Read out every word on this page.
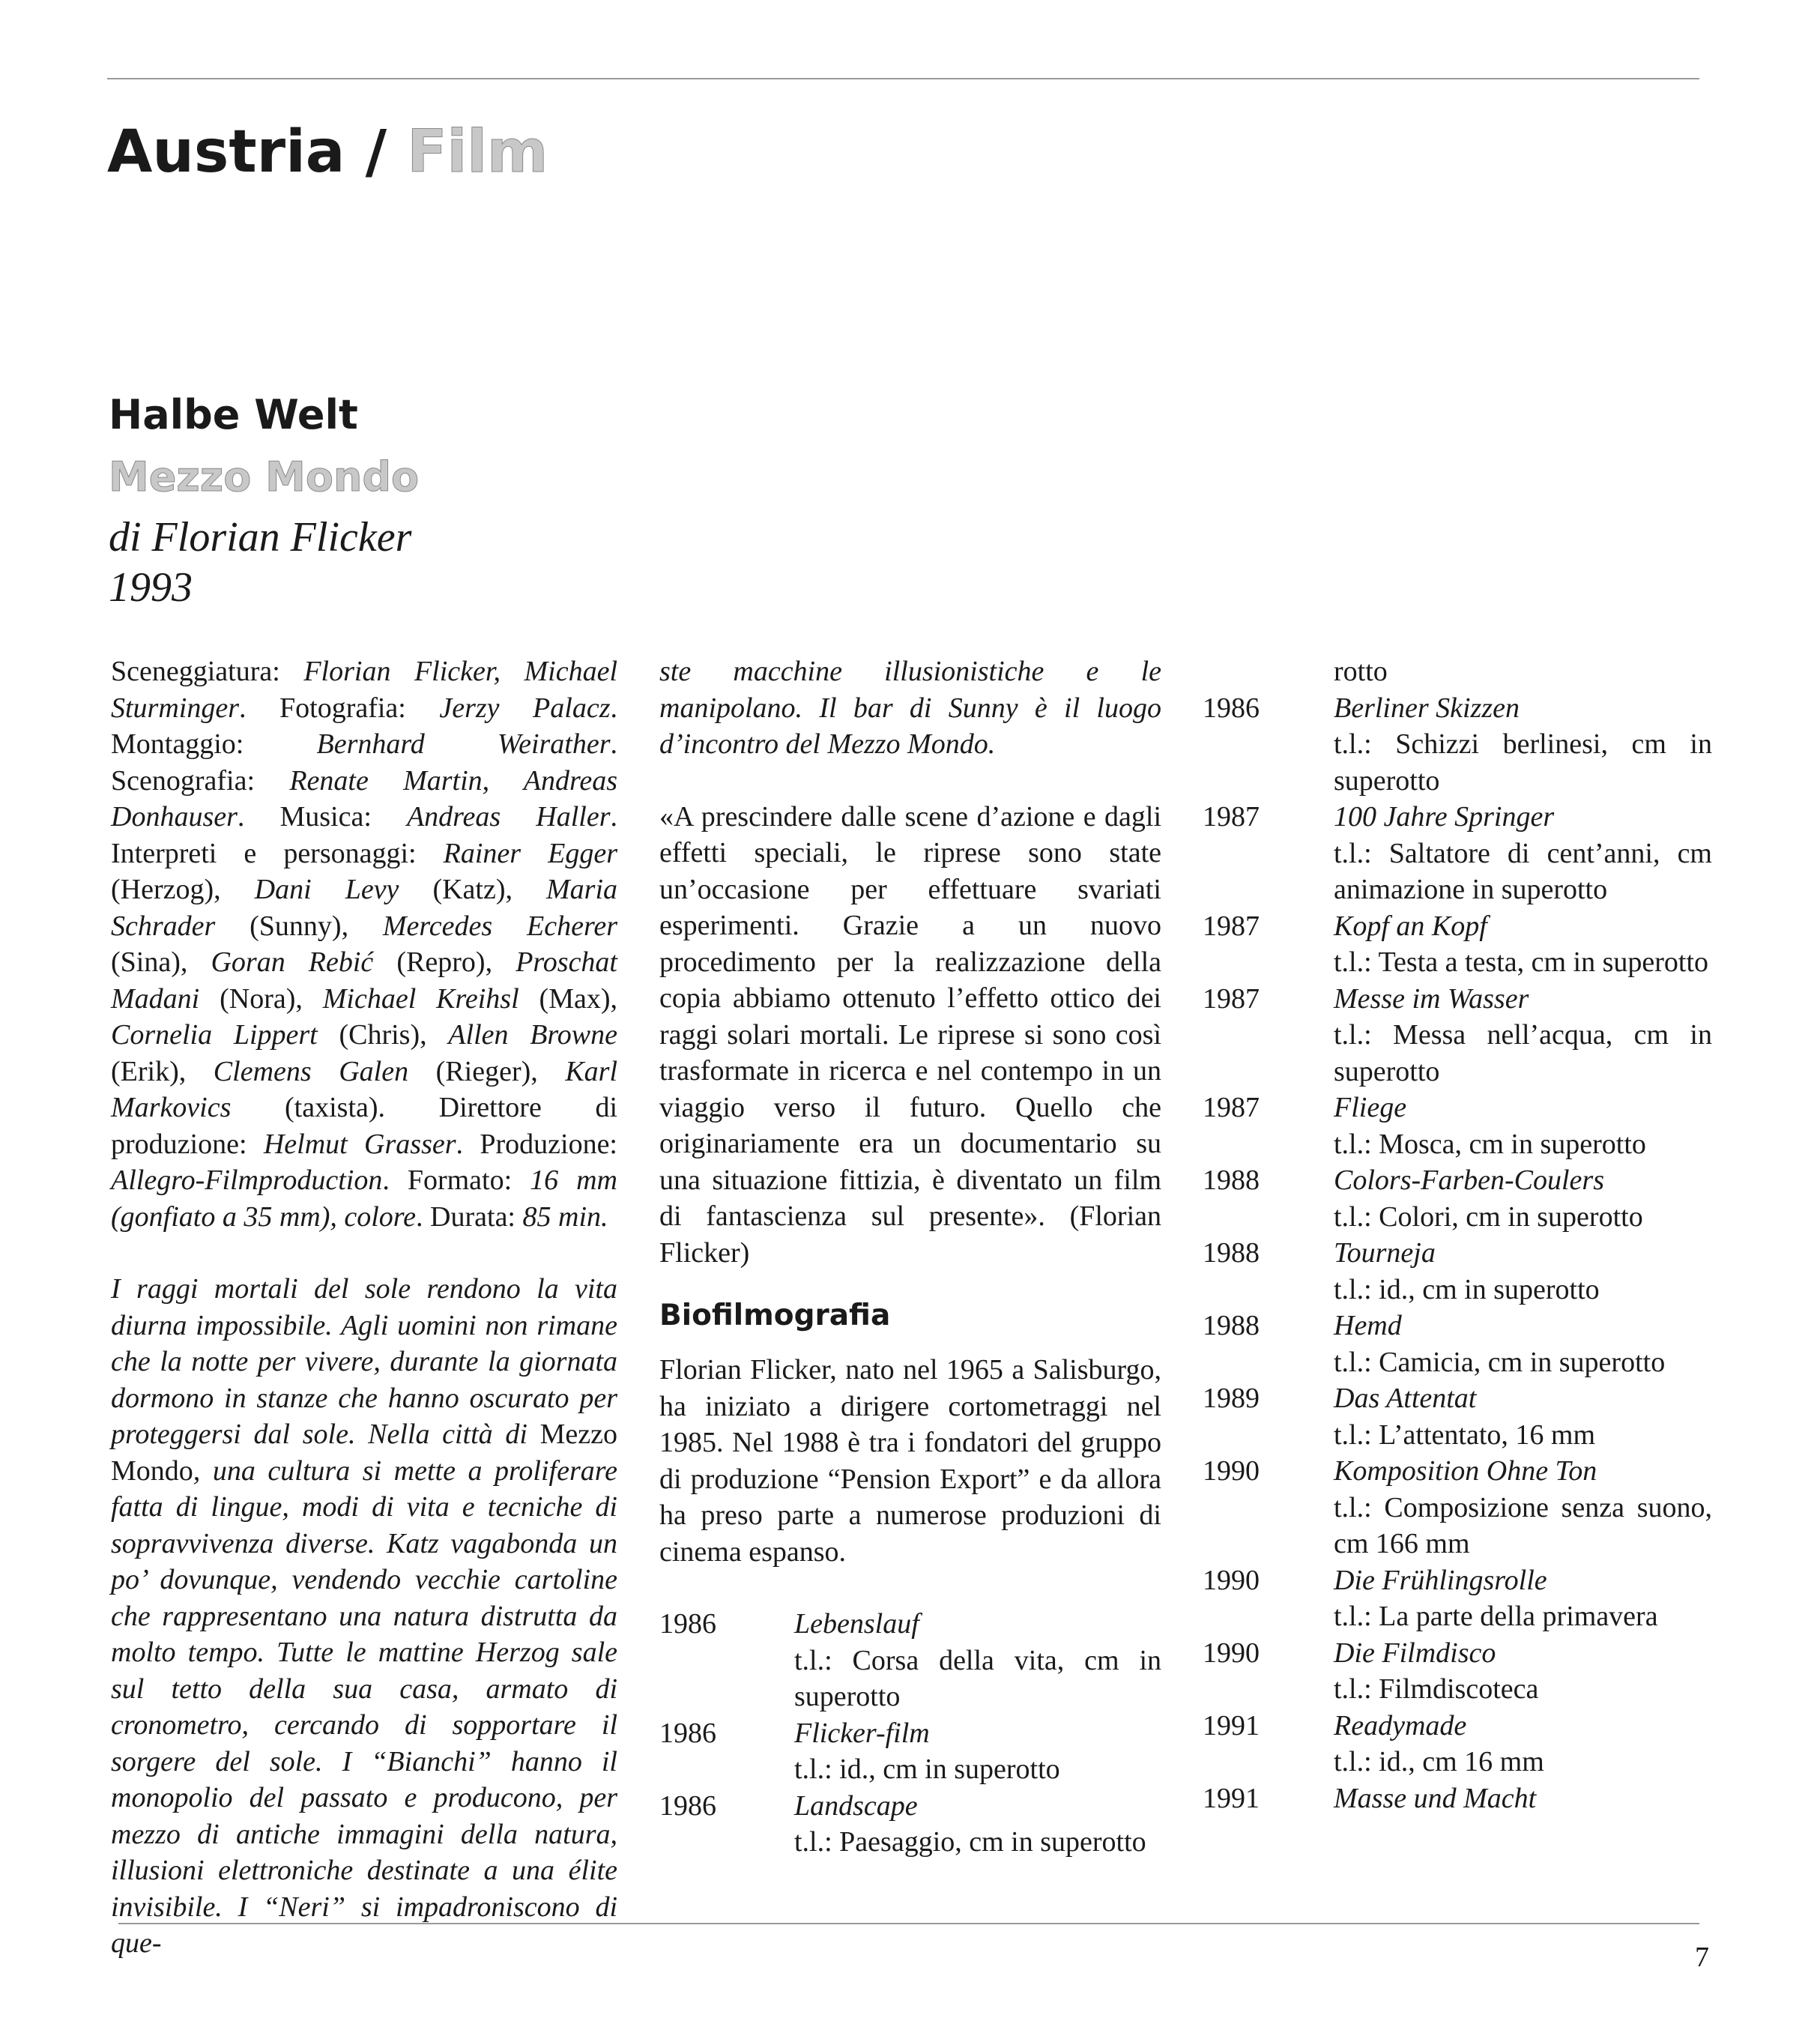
Austria / Film
Halbe Welt
Mezzo Mondo
di Florian Flicker
1993

Sceneggiatura: Florian Flicker, Michael Sturminger. Fotografia: Jerzy Palacz. Montaggio: Bernhard Weirather. Scenografia: Renate Martin, Andreas Donhauser. Musica: Andreas Haller. Interpreti e personaggi: Rainer Egger (Herzog), Dani Levy (Katz), Maria Schrader (Sunny), Mercedes Echerer (Sina), Goran Rebić (Repro), Proschat Madani (Nora), Michael Kreihsl (Max), Cornelia Lippert (Chris), Allen Browne (Erik), Clemens Galen (Rieger), Karl Markovics (taxista). Direttore di produzione: Helmut Grasser. Produzione: Allegro-Filmproduction. Formato: 16 mm (gonfiato a 35 mm), colore. Durata: 85 min.

I raggi mortali del sole rendono la vita diurna impossibile. Agli uomini non rimane che la notte per vivere, durante la giornata dormono in stanze che hanno oscurato per proteggersi dal sole. Nella città di Mezzo Mondo, una cultura si mette a proliferare fatta di lingue, modi di vita e tecniche di sopravvivenza diverse. Katz vagabonda un po’ dovunque, vendendo vecchie cartoline che rappresentano una natura distrutta da molto tempo. Tutte le mattine Herzog sale sul tetto della sua casa, armato di cronometro, cercando di sopportare il sorgere del sole. I “Bianchi” hanno il monopolio del passato e producono, per mezzo di antiche immagini della natura, illusioni elettroniche destinate a una élite invisibile. I “Neri” si impadroniscono di que-

ste macchine illusionistiche e le manipolano. Il bar di Sunny è il luogo d’incontro del Mezzo Mondo.

«A prescindere dalle scene d’azione e dagli effetti speciali, le riprese sono state un’occasione per effettuare svariati esperimenti. Grazie a un nuovo procedimento per la realizzazione della copia abbiamo ottenuto l’effetto ottico dei raggi solari mortali. Le riprese si sono così trasformate in ricerca e nel contempo in un viaggio verso il futuro. Quello che originariamente era un documentario su una situazione fittizia, è diventato un film di fantascienza sul presente». (Florian Flicker)

Biofilmografia

Florian Flicker, nato nel 1965 a Salisburgo, ha iniziato a dirigere cortometraggi nel 1985. Nel 1988 è tra i fondatori del gruppo di produzione “Pension Export” e da allora ha preso parte a numerose produzioni di cinema espanso.

1986	Lebenslauf
t.l.: Corsa della vita, cm in superotto
1986	Flicker-film
t.l.: id., cm in superotto
1986	Landscape
t.l.: Paesaggio, cm in superotto
rotto
1986	Berliner Skizzen
t.l.: Schizzi berlinesi, cm in superotto
1987	100 Jahre Springer
t.l.: Saltatore di cent’anni, cm animazione in superotto
1987	Kopf an Kopf
t.l.: Testa a testa, cm in superotto
1987	Messe im Wasser
t.l.: Messa nell’acqua, cm in superotto
1987	Fliege
t.l.: Mosca, cm in superotto
1988	Colors-Farben-Coulers
t.l.: Colori, cm in superotto
1988	Tourneja
t.l.: id., cm in superotto
1988	Hemd
t.l.: Camicia, cm in superotto
1989	Das Attentat
t.l.: L’attentato, 16 mm
1990	Komposition Ohne Ton
t.l.: Composizione senza suono, cm 166 mm
1990	Die Frühlingsrolle
t.l.: La parte della primavera
1990	Die Filmdisco
t.l.: Filmdiscoteca
1991	Readymade
t.l.: id., cm 16 mm
1991	Masse und Macht
7
